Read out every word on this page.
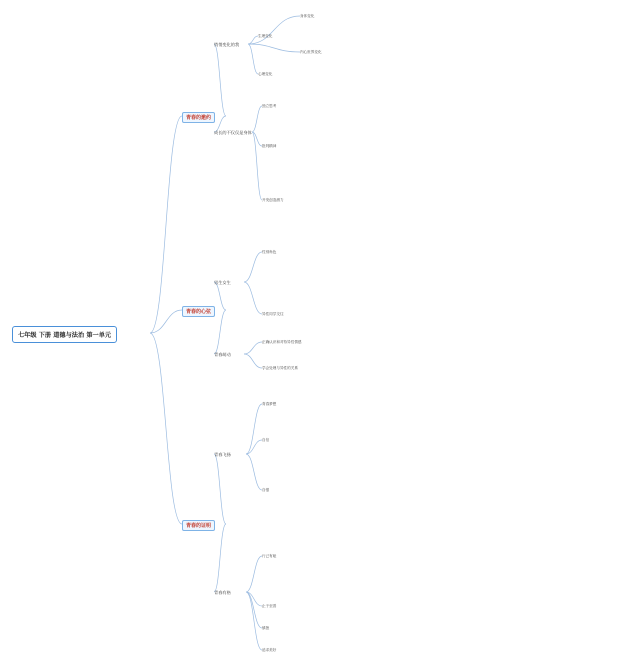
七年级 下册 道德与法治 第一单元
青春的邀约
青春的心弦
青春的证明
悄悄变化的我
成长的不仅仅是身体
男生女生
青春萌动
青春飞扬
青春有格
生理变化
心理变化
身体变化
内心世界变化
独立思考
批判精神
开发创造潜力
性别角色
异性同学交往
正确认识和对待异性情感
学会处理与异性的关系
青春梦想
自信
自强
行己有耻
止于至善
慎独
追求美好
